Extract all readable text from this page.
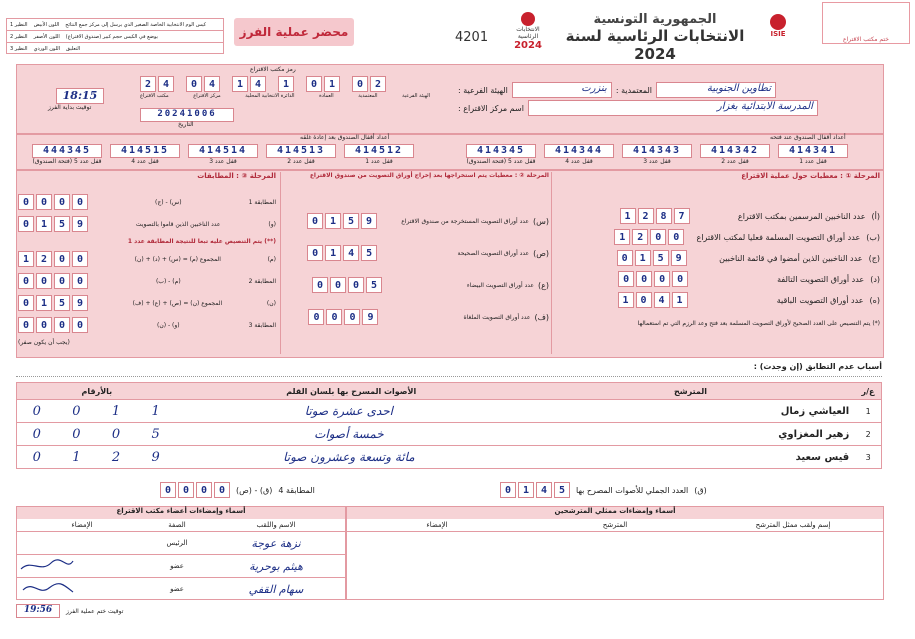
ختم مكتب الاقتراع
ISIE
الجمهورية التونسية
الانتخابات الرئاسية لسنة 2024
الانتخابات الرئاسية
2024
4201
محضر عملية الفرز
كيس الوم الانتخابية الخاصة الصغير الذي يرسل إلى مركز جمع النتائج
اللون الأبيض
النظير 1
يوضع في الكيس حجم كبير (صندوق الاقتراع)
اللون الأصفر
النظير 2
التعليق
اللون الوردي
النظير 3
تطاوين الجنوبية
المعتمدية :
بنزرت
الهيئة الفرعية :
المدرسة الابتدائية بغزار
اسم مركز الاقتراع :
رمز مكتب الاقتراع
2	4	0	4	1	4	1	0	1	0	2
الهيئة الفرعية
المعتمدية
العمادة
الدائرة الانتخابية المحلية
مركز الاقتراع
مكتب الاقتراع
20241006
التاريخ
18:15
توقيت بداية الفرز
أعداد أقفال الصندوق بعد إعادة غلقه	أعداد أقفال الصندوق عند فتحه
444345
قفل عدد 5 (فتحة الصندوق)
414515
قفل عدد 4
414514
قفل عدد 3
414513
قفل عدد 2
414512
قفل عدد 1
414345
قفل عدد 5 (فتحة الصندوق)
414344
قفل عدد 4
414343
قفل عدد 3
414342
قفل عدد 2
414341
قفل عدد 1
المرحلة ① : معطيات حول عملية الاقتراع
1	2	8	7	عدد الناخبين المرسمين بمكتب الاقتراع (أ)
1	2	0	0	عدد أوراق التصويت المسلمة فعليا لمكتب الاقتراع (ب)
0	1	5	9	عدد الناخبين الذين أمضوا في قائمة الناخبين (ج)
0	0	0	0	عدد أوراق التصويت التالفة (د)
1	0	4	1	عدد أوراق التصويت الباقية (ه)
(*) يتم التنصيص على العدد الصحيح لأوراق التصويت المسلمة بعد فتح وعد الرزم التي تم استعمالها
المرحلة ② : معطيات يتم استخراجها بعد إخراج أوراق التصويت من صندوق الاقتراع
0	1	5	9	عدد أوراق التصويت المستخرجة من صندوق الاقتراع (س)
0	1	4	5	عدد أوراق التصويت الصحيحة (ص)
0	0	0	5	عدد أوراق التصويت البيضاء (ع)
0	0	0	9	عدد أوراق التصويت الملغاة (ف)
المرحلة ③ : المطابقات
0	0	0	0	(ج) - (س)	المطابقة 1
0	1	5	9	عدد الناخبين الذين قاموا بالتصويت	(و)
(**) يتم التنصيص عليه تبعا للنتيجة المطابقة عدد 1
1	2	0	0	المجموع (م) = (س) + (د) + (ن)	(م)
0	0	0	0	(ب) - (م)	المطابقة 2
0	1	5	9	المجموع (ن) = (ص) + (ع) + (ف)	(ن)
0	0	0	0	(ن) - (و)	المطابقة 3
(يجب أن يكون صفر)
أسباب عدم التطابق (إن وجدت) :
ع/ر
المترشح
الأصوات المسرح بها بلسان القلم
بالأرقام
1
العياشي زمال
احدى عشرة صوتا
0 0 1 1
2
زهير المغزاوي
خمسة أصوات
0 0 0 5
3
قيس سعيد
مائة وتسعة وعشرون صوتا
0 1 2 9
0	1	4	5	العدد الجملي للأصوات المصرح بها (ق)
0	0	0	0	(ص) - (ق) المطابقة 4
أسماء وإمضاءات أعضاء مكتب الاقتراع
الإمضاء	الصفة	الاسم واللقب
الرئيس	نزهة عوجة
عضو	هيثم بوحرية
عضو	سهام القفي
أسماء وإمضاءات ممثلي المترشحين
الإمضاء	المترشح	إسم ولقب ممثل المترشح
19:56	توقيت ختم عملية الفرز
